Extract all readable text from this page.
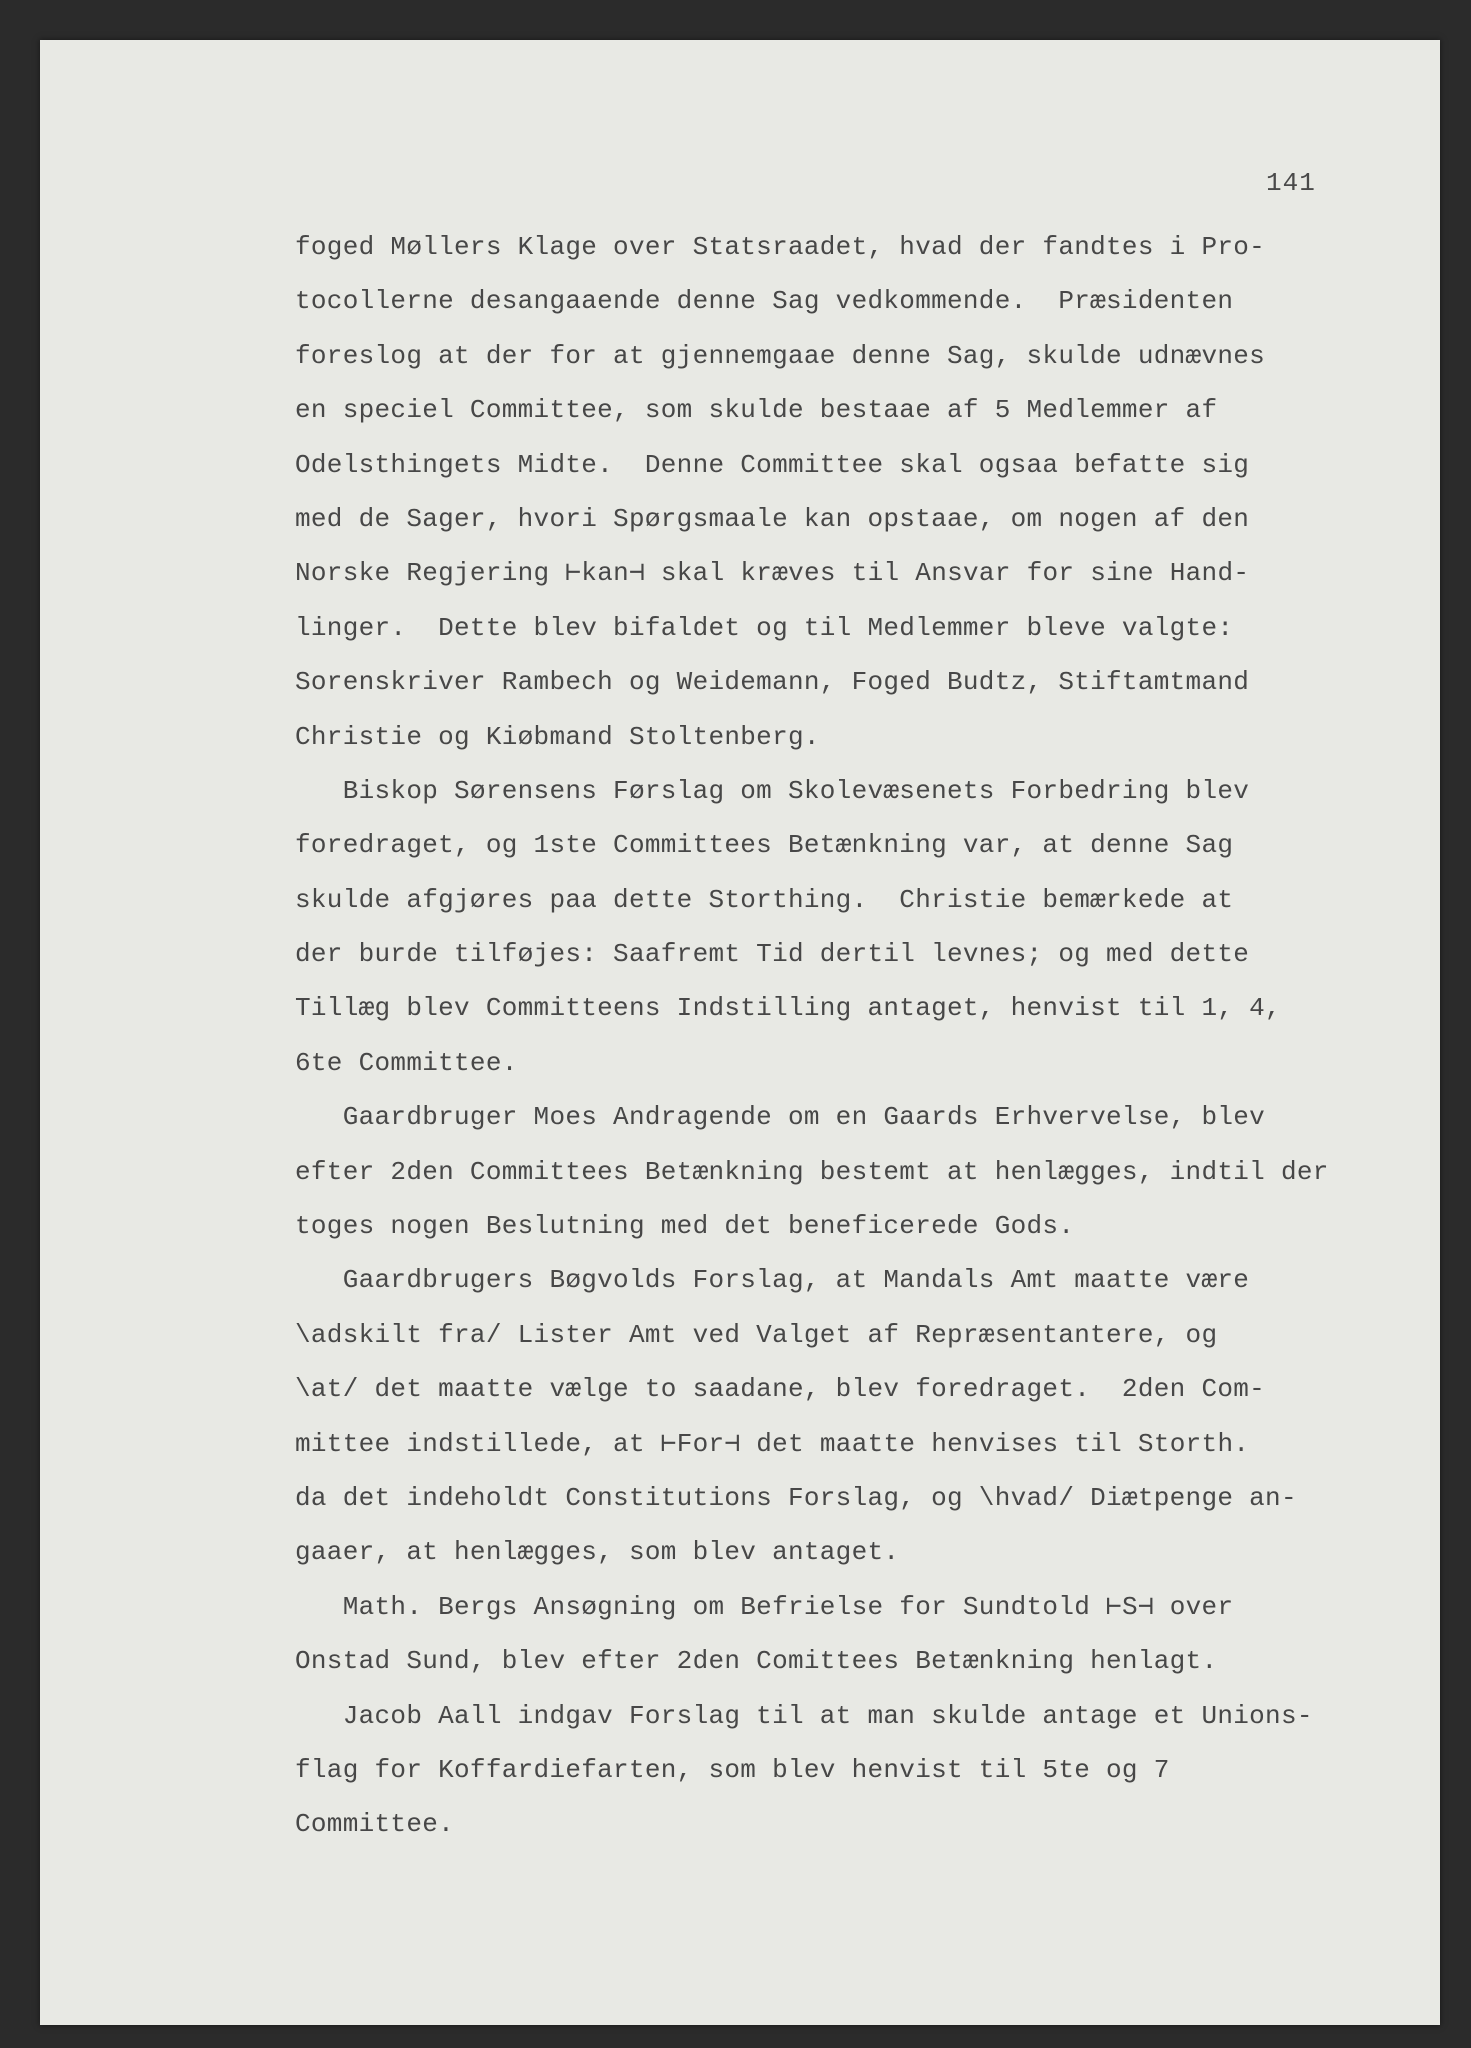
141
foged Møllers Klage over Statsraadet, hvad der fandtes i Pro-
tocollerne desangaaende denne Sag vedkommende.  Præsidenten
foreslog at der for at gjennemgaae denne Sag, skulde udnævnes
en speciel Committee, som skulde bestaae af 5 Medlemmer af
Odelsthingets Midte.  Denne Committee skal ogsaa befatte sig
med de Sager, hvori Spørgsmaale kan opstaae, om nogen af den
Norske Regjering ⊢kan⊣ skal kræves til Ansvar for sine Hand-
linger.  Dette blev bifaldet og til Medlemmer bleve valgte:
Sorenskriver Rambech og Weidemann, Foged Budtz, Stiftamtmand
Christie og Kiøbmand Stoltenberg.
Biskop Sørensens Førslag om Skolevæsenets Forbedring blev
foredraget, og 1ste Committees Betænkning var, at denne Sag
skulde afgjøres paa dette Storthing.  Christie bemærkede at
der burde tilføjes: Saafremt Tid dertil levnes; og med dette
Tillæg blev Committeens Indstilling antaget, henvist til 1, 4,
6te Committee.
Gaardbruger Moes Andragende om en Gaards Erhvervelse, blev
efter 2den Committees Betænkning bestemt at henlægges, indtil der
toges nogen Beslutning med det beneficerede Gods.
Gaardbrugers Bøgvolds Forslag, at Mandals Amt maatte være
\adskilt fra/ Lister Amt ved Valget af Repræsentantere, og
\at/ det maatte vælge to saadane, blev foredraget.  2den Com-
mittee indstillede, at ⊢For⊣ det maatte henvises til Storth.
da det indeholdt Constitutions Forslag, og \hvad/ Diætpenge an-
gaaer, at henlægges, som blev antaget.
Math. Bergs Ansøgning om Befrielse for Sundtold ⊢S⊣ over
Onstad Sund, blev efter 2den Comittees Betænkning henlagt.
Jacob Aall indgav Forslag til at man skulde antage et Unions-
flag for Koffardiefarten, som blev henvist til 5te og 7
Committee.
